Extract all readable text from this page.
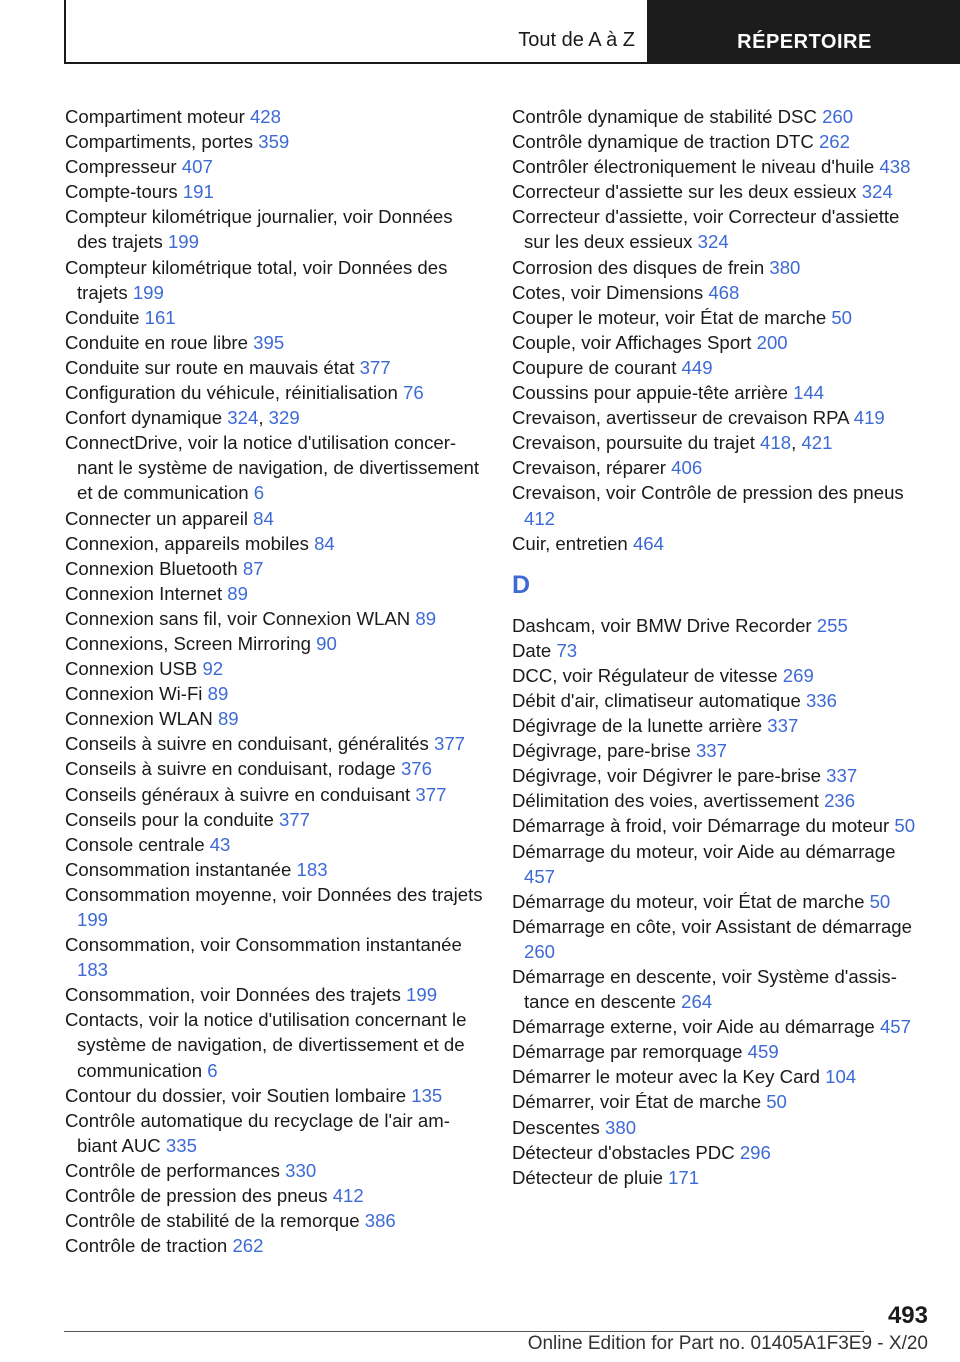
Tout de A à Z	RÉPERTOIRE
Compartiment moteur 428
Compartiments, portes 359
Compresseur 407
Compte-tours 191
Compteur kilométrique journalier, voir Données des trajets 199
Compteur kilométrique total, voir Données des trajets 199
Conduite 161
Conduite en roue libre 395
Conduite sur route en mauvais état 377
Configuration du véhicule, réinitialisation 76
Confort dynamique 324, 329
ConnectDrive, voir la notice d'utilisation concernant le système de navigation, de divertissement et de communication 6
Connecter un appareil 84
Connexion, appareils mobiles 84
Connexion Bluetooth 87
Connexion Internet 89
Connexion sans fil, voir Connexion WLAN 89
Connexions, Screen Mirroring 90
Connexion USB 92
Connexion Wi-Fi 89
Connexion WLAN 89
Conseils à suivre en conduisant, généralités 377
Conseils à suivre en conduisant, rodage 376
Conseils généraux à suivre en conduisant 377
Conseils pour la conduite 377
Console centrale 43
Consommation instantanée 183
Consommation moyenne, voir Données des trajets 199
Consommation, voir Consommation instantanée 183
Consommation, voir Données des trajets 199
Contacts, voir la notice d'utilisation concernant le système de navigation, de divertissement et de communication 6
Contour du dossier, voir Soutien lombaire 135
Contrôle automatique du recyclage de l'air ambiant AUC 335
Contrôle de performances 330
Contrôle de pression des pneus 412
Contrôle de stabilité de la remorque 386
Contrôle de traction 262
Contrôle dynamique de stabilité DSC 260
Contrôle dynamique de traction DTC 262
Contrôler électroniquement le niveau d'huile 438
Correcteur d'assiette sur les deux essieux 324
Correcteur d'assiette, voir Correcteur d'assiette sur les deux essieux 324
Corrosion des disques de frein 380
Cotes, voir Dimensions 468
Couper le moteur, voir État de marche 50
Couple, voir Affichages Sport 200
Coupure de courant 449
Coussins pour appuie-tête arrière 144
Crevaison, avertisseur de crevaison RPA 419
Crevaison, poursuite du trajet 418, 421
Crevaison, réparer 406
Crevaison, voir Contrôle de pression des pneus 412
Cuir, entretien 464
D
Dashcam, voir BMW Drive Recorder 255
Date 73
DCC, voir Régulateur de vitesse 269
Débit d'air, climatiseur automatique 336
Dégivrage de la lunette arrière 337
Dégivrage, pare-brise 337
Dégivrage, voir Dégivrer le pare-brise 337
Délimitation des voies, avertissement 236
Démarrage à froid, voir Démarrage du moteur 50
Démarrage du moteur, voir Aide au démarrage 457
Démarrage du moteur, voir État de marche 50
Démarrage en côte, voir Assistant de démarrage 260
Démarrage en descente, voir Système d'assistance en descente 264
Démarrage externe, voir Aide au démarrage 457
Démarrage par remorquage 459
Démarrer le moteur avec la Key Card 104
Démarrer, voir État de marche 50
Descentes 380
Détecteur d'obstacles PDC 296
Détecteur de pluie 171
493
Online Edition for Part no. 01405A1F3E9 - X/20
